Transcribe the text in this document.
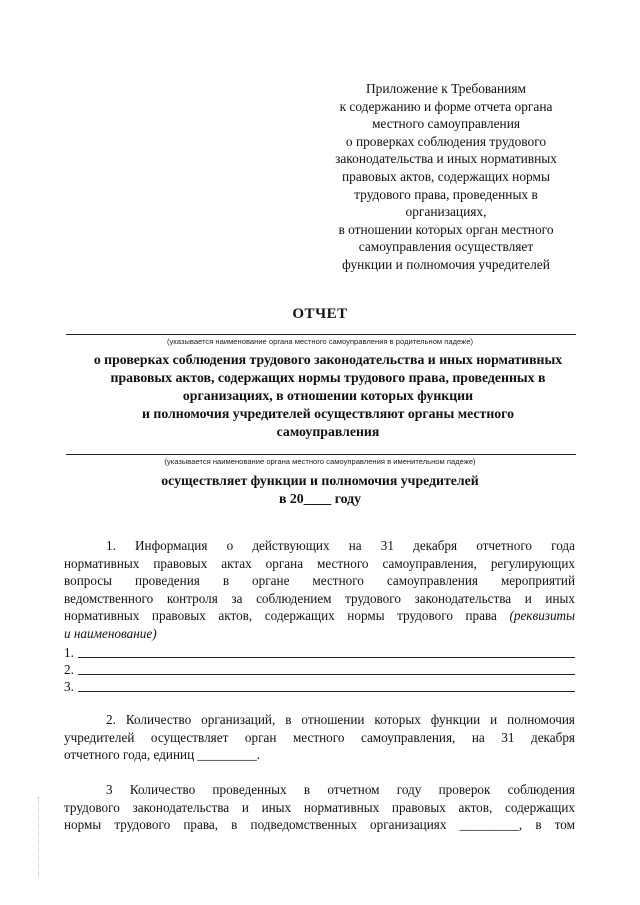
Приложение к Требованиям
к содержанию и форме отчета органа
местного самоуправления
о проверках соблюдения трудового
законодательства и иных нормативных
правовых актов, содержащих нормы
трудового права, проведенных в
организациях,
в отношении которых орган местного
самоуправления осуществляет
функции и полномочия учредителей
ОТЧЕТ
(указывается наименование органа местного самоуправления в родительном падеже)
о проверках соблюдения трудового законодательства и иных нормативных
правовых актов, содержащих нормы трудового права, проведенных в
организациях, в отношении которых функции
и полномочия учредителей осуществляют органы местного
самоуправления
(указывается наименование органа местного самоуправления в именительном падеже)
осуществляет функции и полномочия учредителей
в 20____ году
1. Информация о действующих на 31 декабря отчетного года
нормативных правовых актах органа местного самоуправления, регулирующих
вопросы проведения в органе местного самоуправления мероприятий
ведомственного контроля за соблюдением трудового законодательства и иных
нормативных правовых актов, содержащих нормы трудового права (реквизиты
и наименование)
1.
2.
3.
2. Количество организаций, в отношении которых функции и полномочия
учредителей осуществляет орган местного самоуправления, на 31 декабря
отчетного года, единиц _________.
3 Количество проведенных в отчетном году проверок соблюдения
трудового законодательства и иных нормативных правовых актов, содержащих
нормы трудового права, в подведомственных организациях _________, в том
